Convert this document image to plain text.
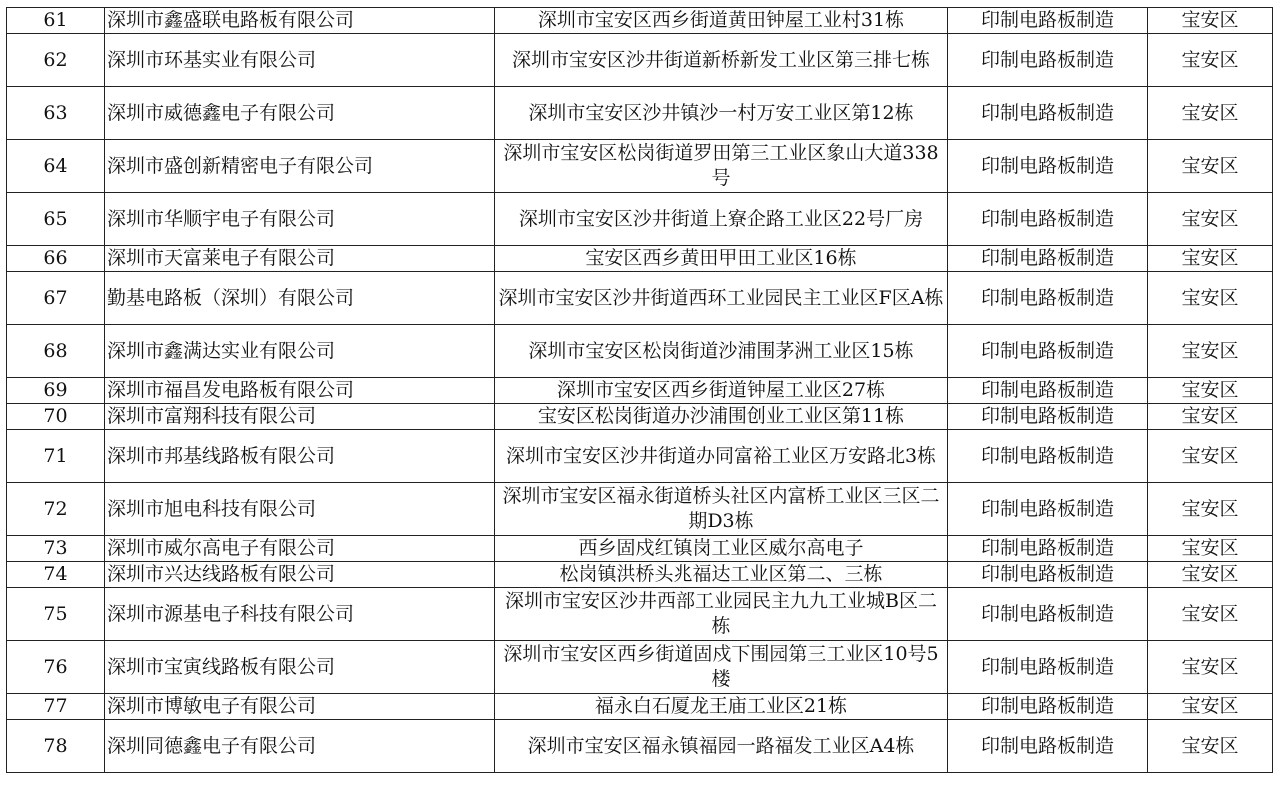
61	深圳市鑫盛联电路板有限公司	深圳市宝安区西乡街道黄田钟屋工业村31栋	印制电路板制造	宝安区
62	深圳市环基实业有限公司	深圳市宝安区沙井街道新桥新发工业区第三排七栋	印制电路板制造	宝安区
63	深圳市威德鑫电子有限公司	深圳市宝安区沙井镇沙一村万安工业区第12栋	印制电路板制造	宝安区
64	深圳市盛创新精密电子有限公司	深圳市宝安区松岗街道罗田第三工业区象山大道338号	印制电路板制造	宝安区
65	深圳市华顺宇电子有限公司	深圳市宝安区沙井街道上寮企路工业区22号厂房	印制电路板制造	宝安区
66	深圳市天富莱电子有限公司	宝安区西乡黄田甲田工业区16栋	印制电路板制造	宝安区
67	勤基电路板（深圳）有限公司	深圳市宝安区沙井街道西环工业园民主工业区F区A栋	印制电路板制造	宝安区
68	深圳市鑫满达实业有限公司	深圳市宝安区松岗街道沙浦围茅洲工业区15栋	印制电路板制造	宝安区
69	深圳市福昌发电路板有限公司	深圳市宝安区西乡街道钟屋工业区27栋	印制电路板制造	宝安区
70	深圳市富翔科技有限公司	宝安区松岗街道办沙浦围创业工业区第11栋	印制电路板制造	宝安区
71	深圳市邦基线路板有限公司	深圳市宝安区沙井街道办同富裕工业区万安路北3栋	印制电路板制造	宝安区
72	深圳市旭电科技有限公司	深圳市宝安区福永街道桥头社区内富桥工业区三区二期D3栋	印制电路板制造	宝安区
73	深圳市威尔高电子有限公司	西乡固戍红镇岗工业区威尔高电子	印制电路板制造	宝安区
74	深圳市兴达线路板有限公司	松岗镇洪桥头兆福达工业区第二、三栋	印制电路板制造	宝安区
75	深圳市源基电子科技有限公司	深圳市宝安区沙井西部工业园民主九九工业城B区二栋	印制电路板制造	宝安区
76	深圳市宝寅线路板有限公司	深圳市宝安区西乡街道固戍下围园第三工业区10号5楼	印制电路板制造	宝安区
77	深圳市博敏电子有限公司	福永白石厦龙王庙工业区21栋	印制电路板制造	宝安区
78	深圳同德鑫电子有限公司	深圳市宝安区福永镇福园一路福发工业区A4栋	印制电路板制造	宝安区
